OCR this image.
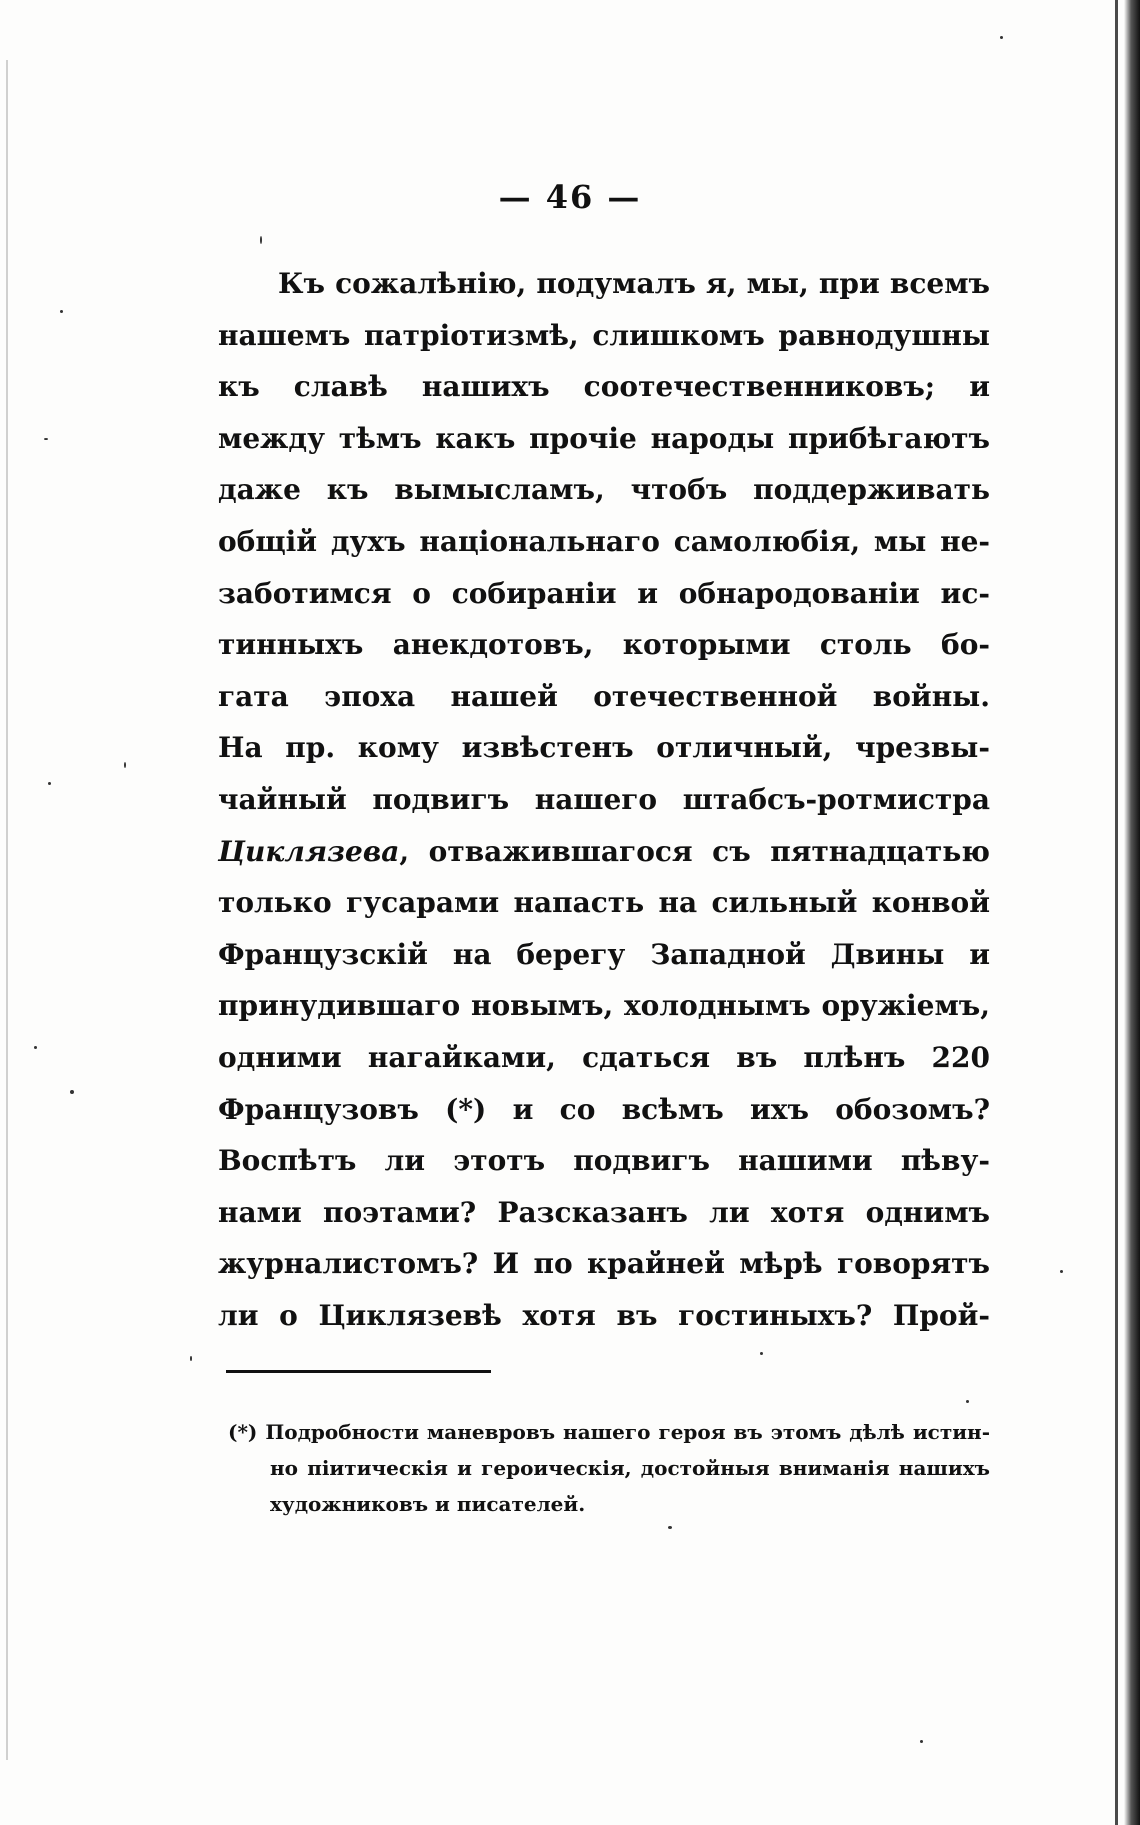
— 46 —
Къ сожалѣнію, подумалъ я, мы, при всемъ
нашемъ патріотизмѣ, слишкомъ равнодушны
къ славѣ нашихъ соотечественниковъ; и
между тѣмъ какъ прочіе народы прибѣгаютъ
даже къ вымысламъ, чтобъ поддерживать
общій духъ національнаго самолюбія, мы не-
заботимся о собираніи и обнародованіи ис-
тинныхъ анекдотовъ, которыми столь бо-
гата эпоха нашей отечественной войны.
На пр. кому извѣстенъ отличный, чрезвы-
чайный подвигъ нашего штабсъ-ротмистра
Циклязева, отважившагося съ пятнадцатью
только гусарами напасть на сильный конвой
Французскій на берегу Западной Двины и
принудившаго новымъ, холоднымъ оружіемъ,
одними нагайками, сдаться въ плѣнъ 220
Французовъ (*) и со всѣмъ ихъ обозомъ?
Воспѣтъ ли этотъ подвигъ нашими пѣву-
нами поэтами? Разсказанъ ли хотя однимъ
журналистомъ? И по крайней мѣрѣ говорятъ
ли о Циклязевѣ хотя въ гостиныхъ? Прой-
(*) Подробности маневровъ нашего героя въ этомъ дѣлѣ истин-
но піитическія и героическія, достойныя вниманія нашихъ
художниковъ и писателей.
